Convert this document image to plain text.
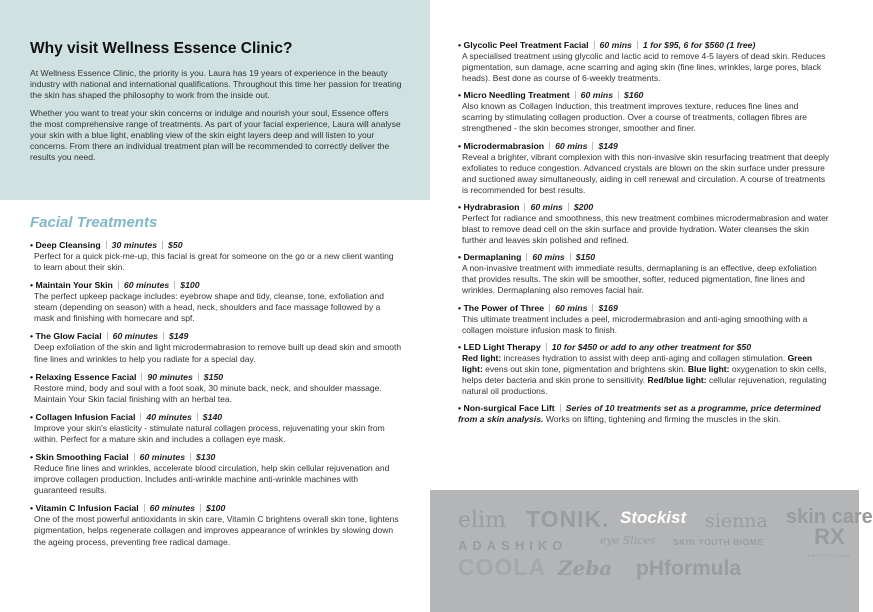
Why visit Wellness Essence Clinic?

At Wellness Essence Clinic, the priority is you. Laura has 19 years of experience in the beauty industry with national and international qualifications. Throughout this time her passion for treating the skin has shaped the philosophy to work from the inside out.

Whether you want to treat your skin concerns or indulge and nourish your soul, Essence offers the most comprehensive range of treatments. As part of your facial experience, Laura will analyse your skin with a blue light, enabling view of the skin eight layers deep and will listen to your concerns. From there an individual treatment plan will be recommended to correctly deliver the results you need.

Facial Treatments
• Deep Cleansing 30 minutes $50
Perfect for a quick pick-me-up, this facial is great for someone on the go or a new client wanting to learn about their skin.
• Maintain Your Skin 60 minutes $100
The perfect upkeep package includes: eyebrow shape and tidy, cleanse, tone, exfoliation and steam (depending on season) with a head, neck, shoulders and face massage followed by a mask and finishing with homecare and spf.
• The Glow Facial 60 minutes $149
Deep exfoliation of the skin and light microdermabrasion to remove built up dead skin and smooth fine lines and wrinkles to help you radiate for a special day.
• Relaxing Essence Facial 90 minutes $150
Restore mind, body and soul with a foot soak, 30 minute back, neck, and shoulder massage. Maintain Your Skin facial finishing with an herbal tea.
• Collagen Infusion Facial 40 minutes $140
Improve your skin's elasticity - stimulate natural collagen process, rejuvenating your skin from within. Perfect for a mature skin and includes a collagen eye mask.
• Skin Smoothing Facial 60 minutes $130
Reduce fine lines and wrinkles, accelerate blood circulation, help skin cellular rejuvenation and improve collagen production. Includes anti-wrinkle machine anti-wrinkle machines with guaranteed results.
• Vitamin C Infusion Facial 60 minutes $100
One of the most powerful antioxidants in skin care, Vitamin C brightens overall skin tone, lightens pigmentation, helps regenerate collagen and improves appearance of wrinkles by slowing down the ageing process, preventing free radical damage.
• Glycolic Peel Treatment Facial 60 mins 1 for $95, 6 for $560 (1 free)
A specialised treatment using glycolic and lactic acid to remove 4-5 layers of dead skin. Reduces pigmentation, sun damage, acne scarring and aging skin (fine lines, wrinkles, large pores, black heads). Best done as course of 6-weekly treatments.
• Micro Needling Treatment 60 mins $160
Also known as Collagen Induction, this treatment improves texture, reduces fine lines and scarring by stimulating collagen production. Over a course of treatments, collagen fibres are strengthened - the skin becomes stronger, smoother and finer.
• Microdermabrasion 60 mins $149
Reveal a brighter, vibrant complexion with this non-invasive skin resurfacing treatment that deeply exfoliates to reduce congestion. Advanced crystals are blown on the skin surface under pressure and suctioned away simultaneously, aiding in cell renewal and circulation. A course of treatments is recommended for best results.
• Hydrabrasion 60 mins $200
Perfect for radiance and smoothness, this new treatment combines microdermabrasion and water blast to remove dead cell on the skin surface and provide hydration. Water cleanses the skin further and leaves skin polished and refined.
• Dermaplaning 60 mins $150
A non-invasive treatment with immediate results, dermaplaning is an effective, deep exfoliation that provides results. The skin will be smoother, softer, reduced pigmentation, fine lines and wrinkles. Dermaplaning also removes facial hair.
• The Power of Three 60 mins $169
This ultimate treatment includes a peel, microdermabrasion and anti-aging smoothing with a collagen moisture infusion mask to finish.
• LED Light Therapy 10 for $450 or add to any other treatment for $50
Red light: increases hydration to assist with deep anti-aging and collagen stimulation. Green light: evens out skin tone, pigmentation and brightens skin. Blue light: oxygenation to skin cells, helps deter bacteria and skin prone to sensitivity. Red/blue light: cellular rejuvenation, regulating natural oil productions.
• Non-surgical Face Lift Series of 10 treatments set as a programme, price determined from a skin analysis. Works on lifting, tightening and firming the muscles in the skin.
Stockist
elim TONIK.	sienna skin care
RX
PROFESSIONAL
ADASHIKO	eye Slices SKIN YOUTH BIOME
COOLA Zeba pHformula
